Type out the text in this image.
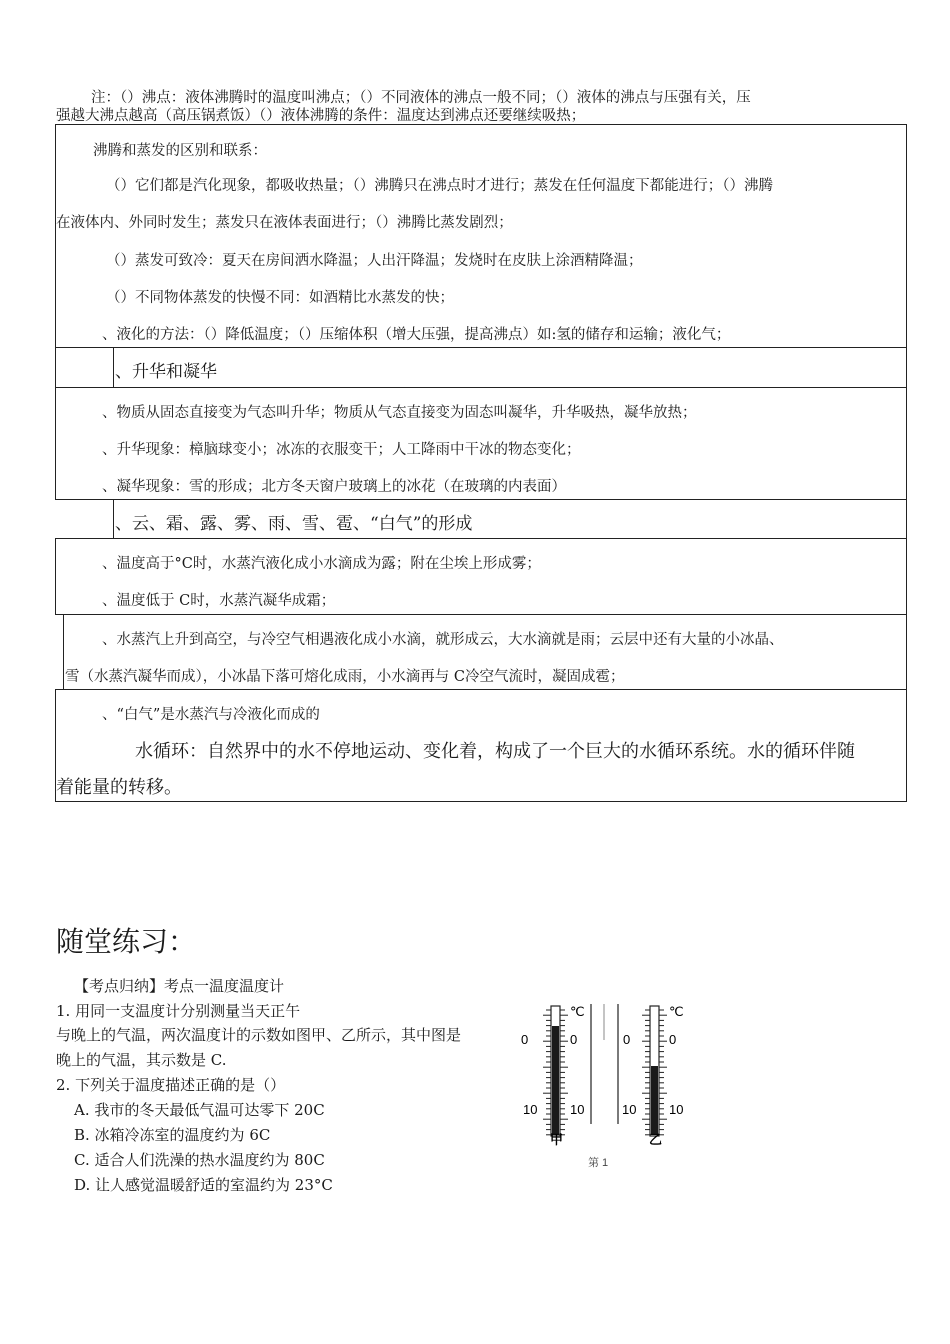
注：（）沸点：液体沸腾时的温度叫沸点；（）不同液体的沸点一般不同；（）液体的沸点与压强有关，压
强越大沸点越高（高压锅煮饭）（）液体沸腾的条件：温度达到沸点还要继续吸热；
沸腾和蒸发的区别和联系：
（）它们都是汽化现象，都吸收热量；（）沸腾只在沸点时才进行；蒸发在任何温度下都能进行；（）沸腾
在液体内、外同时发生；蒸发只在液体表面进行；（）沸腾比蒸发剧烈；
（）蒸发可致冷：夏天在房间洒水降温；人出汗降温；发烧时在皮肤上涂酒精降温；
（）不同物体蒸发的快慢不同：如酒精比水蒸发的快；
、液化的方法：（）降低温度；（）压缩体积（增大压强，提高沸点）如:氢的储存和运输；液化气；
、升华和凝华
、物质从固态直接变为气态叫升华；物质从气态直接变为固态叫凝华，升华吸热，凝华放热；
、升华现象：樟脑球变小；冰冻的衣服变干；人工降雨中干冰的物态变化；
、凝华现象：雪的形成；北方冬天窗户玻璃上的冰花（在玻璃的内表面）
、云、霜、露、雾、雨、雪、雹、“白气”的形成
、温度高于°C时，水蒸汽液化成小水滴成为露；附在尘埃上形成雾；
、温度低于 C时，水蒸汽凝华成霜；
、水蒸汽上升到高空，与冷空气相遇液化成小水滴，就形成云，大水滴就是雨；云层中还有大量的小冰晶、
雪（水蒸汽凝华而成），小冰晶下落可熔化成雨，小水滴再与 C冷空气流时，凝固成雹；
、“白气”是水蒸汽与冷液化而成的
水循环：自然界中的水不停地运动、变化着，构成了一个巨大的水循环系统。水的循环伴随
着能量的转移。
随堂练习：
【考点归纳】考点一温度温度计
1. 用同一支温度计分别测量当天正午
与晚上的气温，两次温度计的示数如图甲、乙所示，其中图是
晚上的气温，其示数是 C.
2. 下列关于温度描述正确的是（）
A. 我市的冬天最低气温可达零下 20C
B. 冰箱冷冻室的温度约为 6C
C. 适合人们洗澡的热水温度约为 80C
D. 让人感觉温暖舒适的室温约为 23°C
℃
0	0
10	10
甲
℃
0	0
10	10
乙
第 1
